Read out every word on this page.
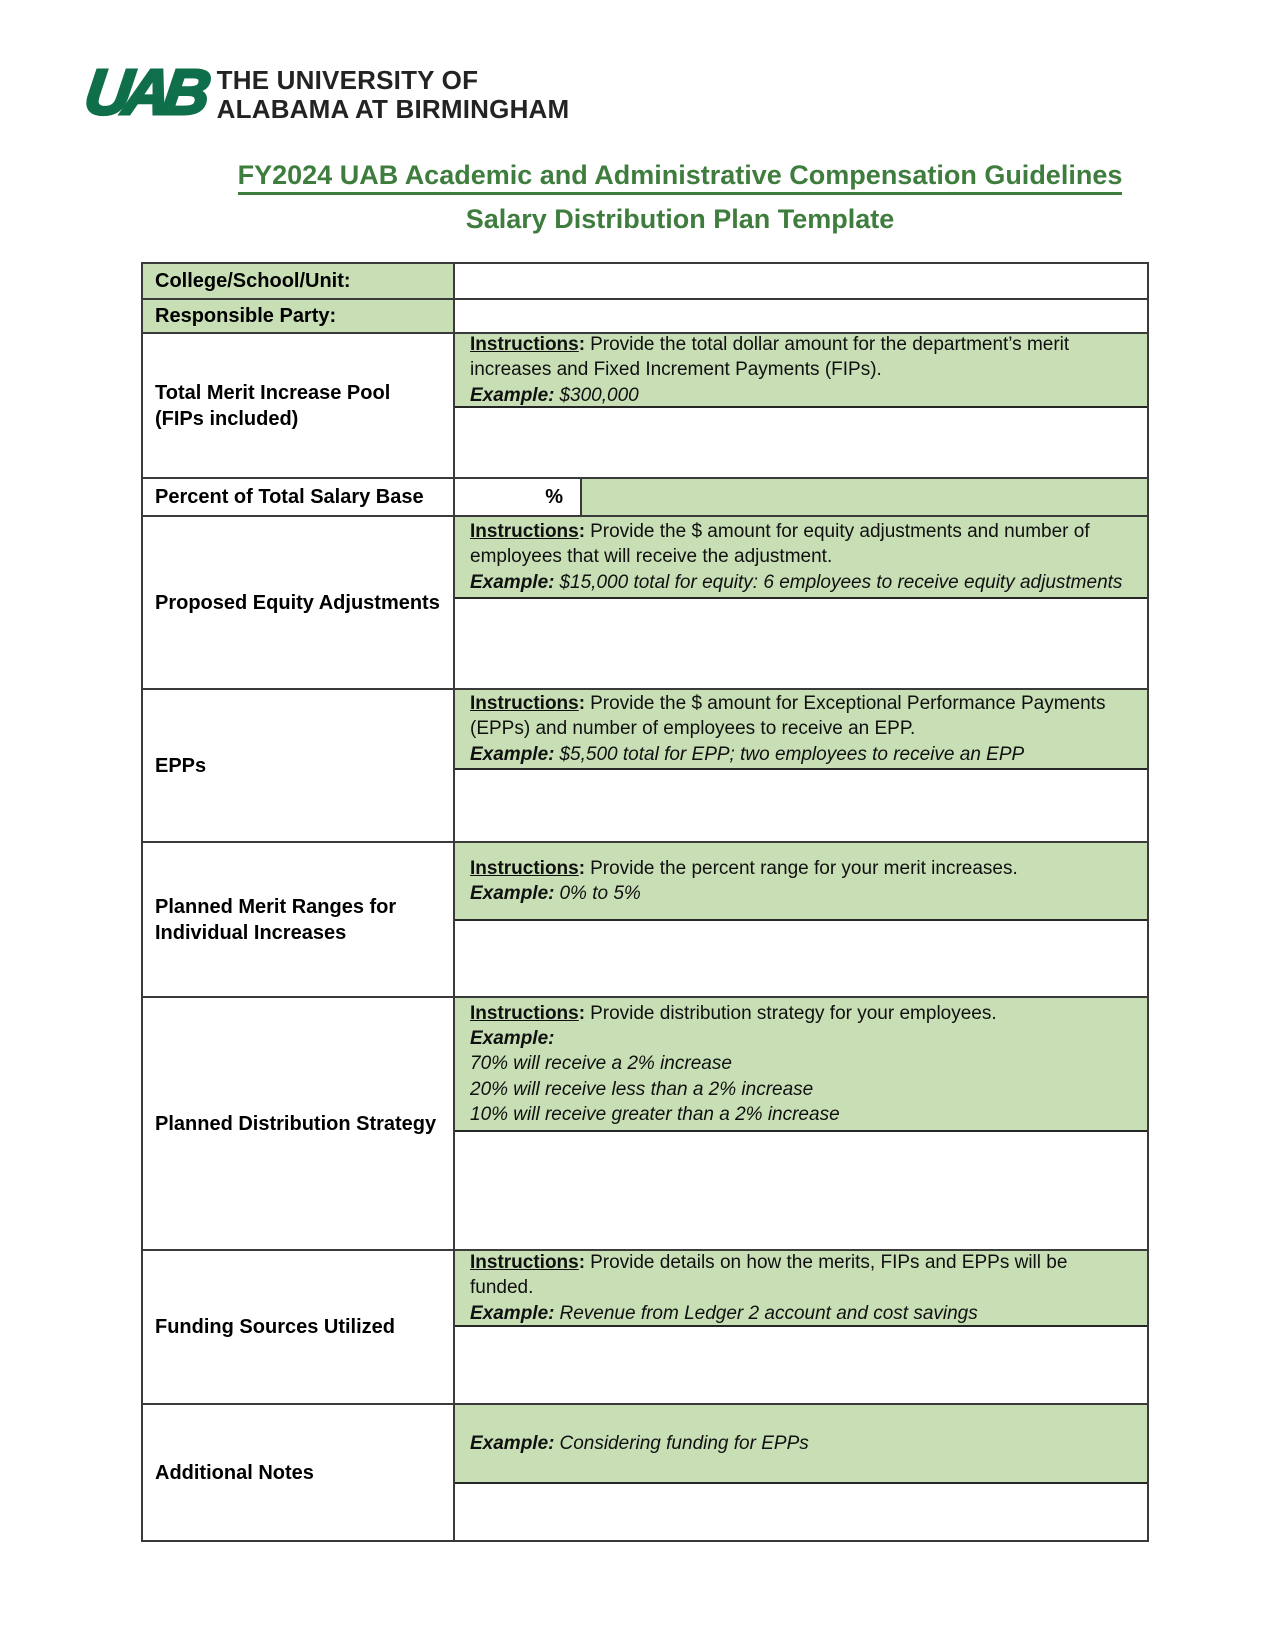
UAB THE UNIVERSITY OF
ALABAMA AT BIRMINGHAM
FY2024 UAB Academic and Administrative Compensation Guidelines
Salary Distribution Plan Template
College/School/Unit:
Responsible Party:
Total Merit Increase Pool (FIPs included)
Instructions: Provide the total dollar amount for the department’s merit increases and Fixed Increment Payments (FIPs).
Example: $300,000
Percent of Total Salary Base	%
Proposed Equity Adjustments
Instructions: Provide the $ amount for equity adjustments and number of employees that will receive the adjustment.
Example: $15,000 total for equity: 6 employees to receive equity adjustments
EPPs
Instructions: Provide the $ amount for Exceptional Performance Payments (EPPs) and number of employees to receive an EPP.
Example: $5,500 total for EPP; two employees to receive an EPP
Planned Merit Ranges for Individual Increases
Instructions: Provide the percent range for your merit increases.
Example: 0% to 5%
Planned Distribution Strategy
Instructions: Provide distribution strategy for your employees.
Example:
70% will receive a 2% increase
20% will receive less than a 2% increase
10% will receive greater than a 2% increase
Funding Sources Utilized
Instructions: Provide details on how the merits, FIPs and EPPs will be funded.
Example: Revenue from Ledger 2 account and cost savings
Additional Notes
Example: Considering funding for EPPs
